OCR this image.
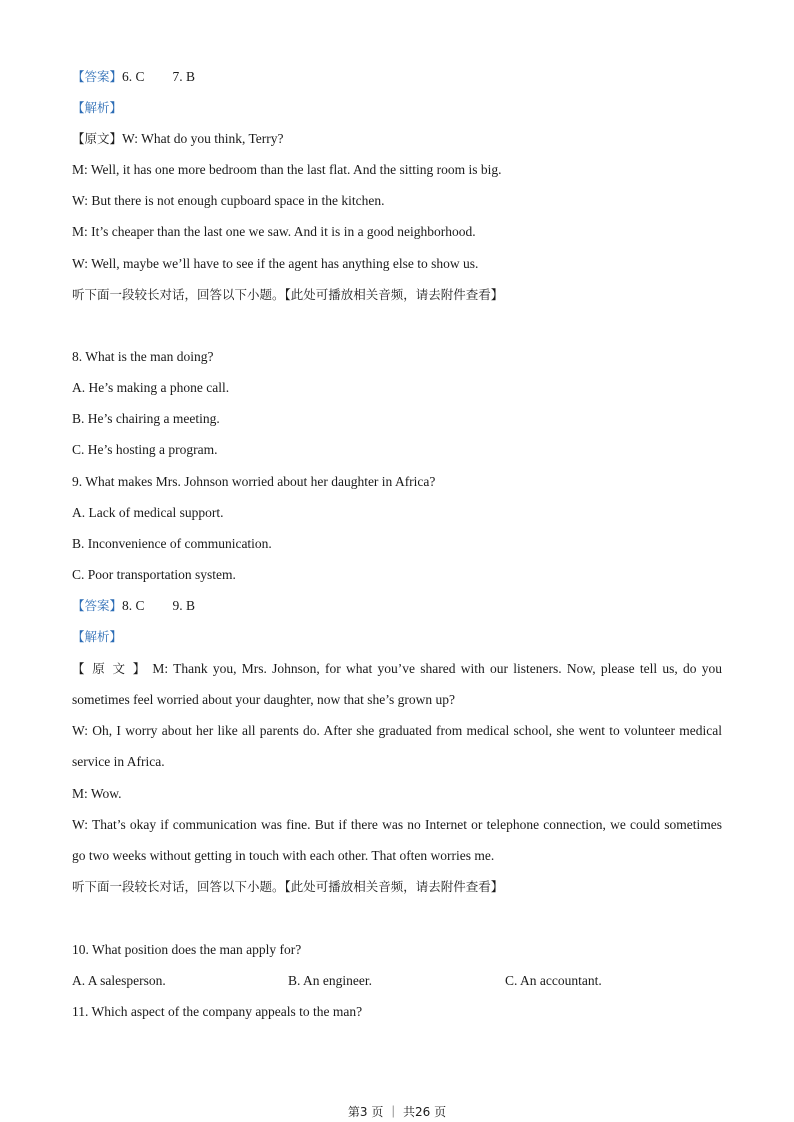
【答案】6. C 7. B
【解析】
【原文】W: What do you think, Terry?
M: Well, it has one more bedroom than the last flat. And the sitting room is big.
W: But there is not enough cupboard space in the kitchen.
M: It’s cheaper than the last one we saw. And it is in a good neighborhood.
W: Well, maybe we’ll have to see if the agent has anything else to show us.
听下面一段较长对话，回答以下小题。【此处可播放相关音频，请去附件查看】
8. What is the man doing?
A. He’s making a phone call.
B. He’s chairing a meeting.
C. He’s hosting a program.
9. What makes Mrs. Johnson worried about her daughter in Africa?
A. Lack of medical support.
B. Inconvenience of communication.
C. Poor transportation system.
【答案】8. C 9. B
【解析】
【 原 文 】 M: Thank you, Mrs. Johnson, for what you’ve shared with our listeners. Now, please tell us, do you
sometimes feel worried about your daughter, now that she’s grown up?
W: Oh, I worry about her like all parents do. After she graduated from medical school, she went to volunteer medical
service in Africa.
M: Wow.
W: That’s okay if communication was fine. But if there was no Internet or telephone connection, we could sometimes
go two weeks without getting in touch with each other. That often worries me.
听下面一段较长对话，回答以下小题。【此处可播放相关音频，请去附件查看】
10. What position does the man apply for?
A. A salesperson.	B. An engineer.	C. An accountant.
11. Which aspect of the company appeals to the man?
第3 页 ｜ 共26 页
